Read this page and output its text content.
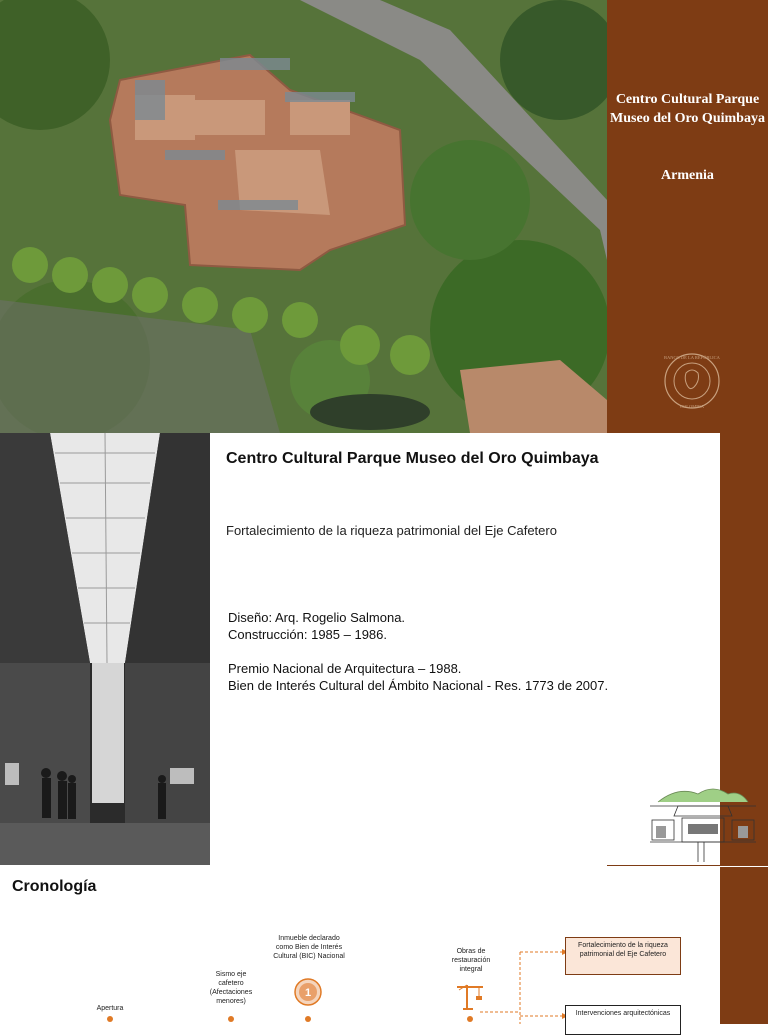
Centro Cultural Parque Museo del Oro Quimbaya
Armenia
BANCO DE LA REPÚBLICA
COLOMBIA
Centro Cultural Parque Museo del Oro Quimbaya
Fortalecimiento de la riqueza patrimonial del Eje Cafetero
Diseño: Arq. Rogelio Salmona.
Construcción: 1985 – 1986.
Premio Nacional de Arquitectura – 1988.
Bien de Interés Cultural del Ámbito Nacional - Res. 1773 de 2007.
Cronología
Apertura
Sismo eje cafetero (Afectaciones menores)
Inmueble declarado como Bien de Interés Cultural (BIC) Nacional
1
Obras de restauración integral
Fortalecimiento de la riqueza patrimonial del Eje Cafetero
Intervenciones arquitectónicas
